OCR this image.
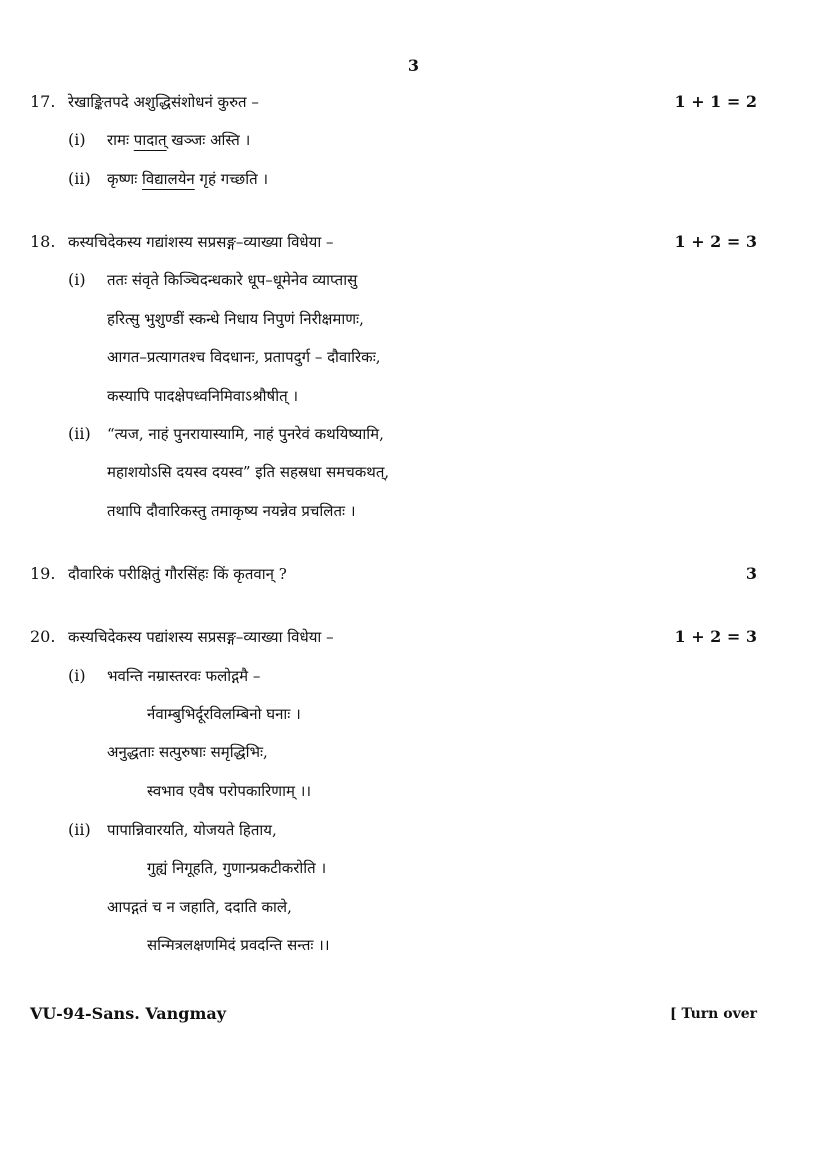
3
17. रेखाङ्कितपदे अशुद्धिसंशोधनं कुरुत –	1 + 1 = 2
(i) रामः पादात् खञ्जः अस्ति ।
(ii) कृष्णः विद्यालयेन गृहं गच्छति ।
18. कस्यचिदेकस्य गद्यांशस्य सप्रसङ्ग–व्याख्या विधेया –	1 + 2 = 3
(i) ततः संवृते किञ्चिदन्धकारे धूप–धूमेनेव व्याप्तासु
हरित्सु भुशुण्डीं स्कन्धे निधाय निपुणं निरीक्षमाणः,
आगत–प्रत्यागतश्च विदधानः, प्रतापदुर्ग – दौवारिकः,
कस्यापि पादक्षेपध्वनिमिवाऽश्रौषीत् ।
(ii) “त्यज, नाहं पुनरायास्यामि, नाहं पुनरेवं कथयिष्यामि,
महाशयोऽसि दयस्व दयस्व” इति सहस्रधा समचकथत्,
तथापि दौवारिकस्तु तमाकृष्य नयन्नेव प्रचलितः ।
19. दौवारिकं परीक्षितुं गौरसिंहः किं कृतवान् ?	3
20. कस्यचिदेकस्य पद्यांशस्य सप्रसङ्ग–व्याख्या विधेया –	1 + 2 = 3
(i) भवन्ति नम्रास्तरवः फलोद्गमै –
र्नवाम्बुभिर्दूरविलम्बिनो घनाः ।
अनुद्धताः सत्पुरुषाः समृद्धिभिः,
स्वभाव एवैष परोपकारिणाम् ।।
(ii) पापान्निवारयति, योजयते हिताय,
गुह्यं निगूहति, गुणान्प्रकटीकरोति ।
आपद्गतं च न जहाति, ददाति काले,
सन्मित्रलक्षणमिदं प्रवदन्ति सन्तः ।।
VU-94-Sans. Vangmay	[ Turn over
